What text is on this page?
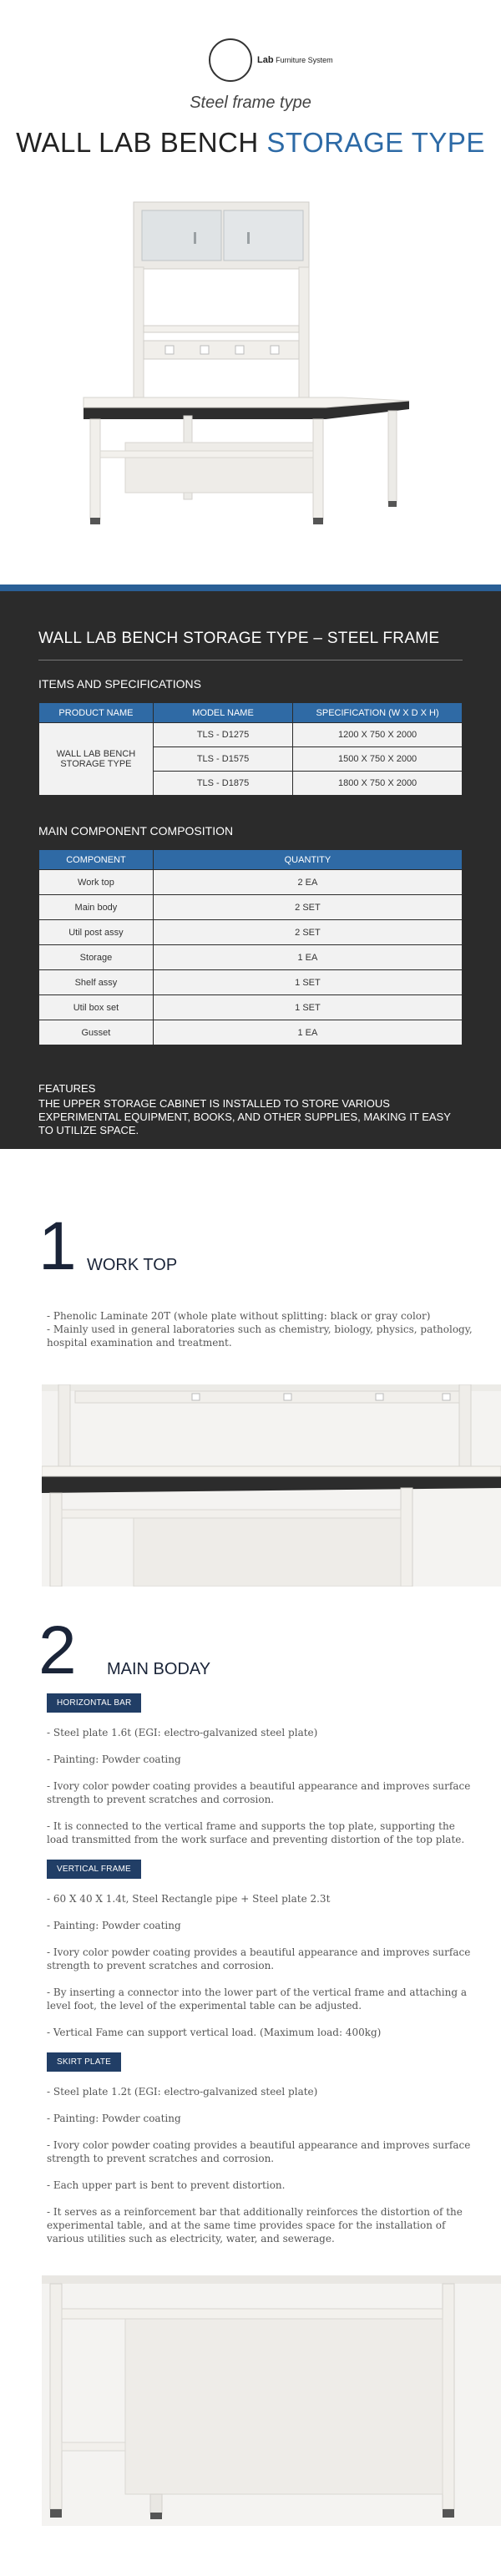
Lab Furniture System
Steel frame type
WALL LAB BENCH STORAGE TYPE
WALL LAB BENCH STORAGE TYPE – STEEL FRAME
ITEMS AND SPECIFICATIONS
PRODUCT NAME	MODEL NAME	SPECIFICATION (W X D X H)
WALL LAB BENCH STORAGE TYPE	TLS - D1275	1200 X 750 X 2000
	TLS - D1575	1500 X 750 X 2000
	TLS - D1875	1800 X 750 X 2000
MAIN COMPONENT COMPOSITION
COMPONENT	QUANTITY
Work top	2 EA
Main body	2 SET
Util post assy	2 SET
Storage	1 EA
Shelf assy	1 SET
Util box set	1 SET
Gusset	1 EA
FEATURES
THE UPPER STORAGE CABINET IS INSTALLED TO STORE VARIOUS EXPERIMENTAL EQUIPMENT, BOOKS, AND OTHER SUPPLIES, MAKING IT EASY TO UTILIZE SPACE.
1 WORK TOP

- Phenolic Laminate 20T (whole plate without splitting: black or gray color)

- Mainly used in general laboratories such as chemistry, biology, physics, pathology, hospital examination and treatment.

2 MAIN BODAY
HORIZONTAL BAR

- Steel plate 1.6t (EGI: electro-galvanized steel plate)

- Painting: Powder coating

- Ivory color powder coating provides a beautiful appearance and improves surface strength to prevent scratches and corrosion.

- It is connected to the vertical frame and supports the top plate, supporting the load transmitted from the work surface and preventing distortion of the top plate.

VERTICAL FRAME

- 60 X 40 X 1.4t, Steel Rectangle pipe + Steel plate 2.3t

- Painting: Powder coating

- Ivory color powder coating provides a beautiful appearance and improves surface strength to prevent scratches and corrosion.

- By inserting a connector into the lower part of the vertical frame and attaching a level foot, the level of the experimental table can be adjusted.

- Vertical Fame can support vertical load. (Maximum load: 400kg)

SKIRT PLATE

- Steel plate 1.2t (EGI: electro-galvanized steel plate)

- Painting: Powder coating

- Ivory color powder coating provides a beautiful appearance and improves surface strength to prevent scratches and corrosion.

- Each upper part is bent to prevent distortion.

- It serves as a reinforcement bar that additionally reinforces the distortion of the experimental table, and at the same time provides space for the installation of various utilities such as electricity, water, and sewerage.
